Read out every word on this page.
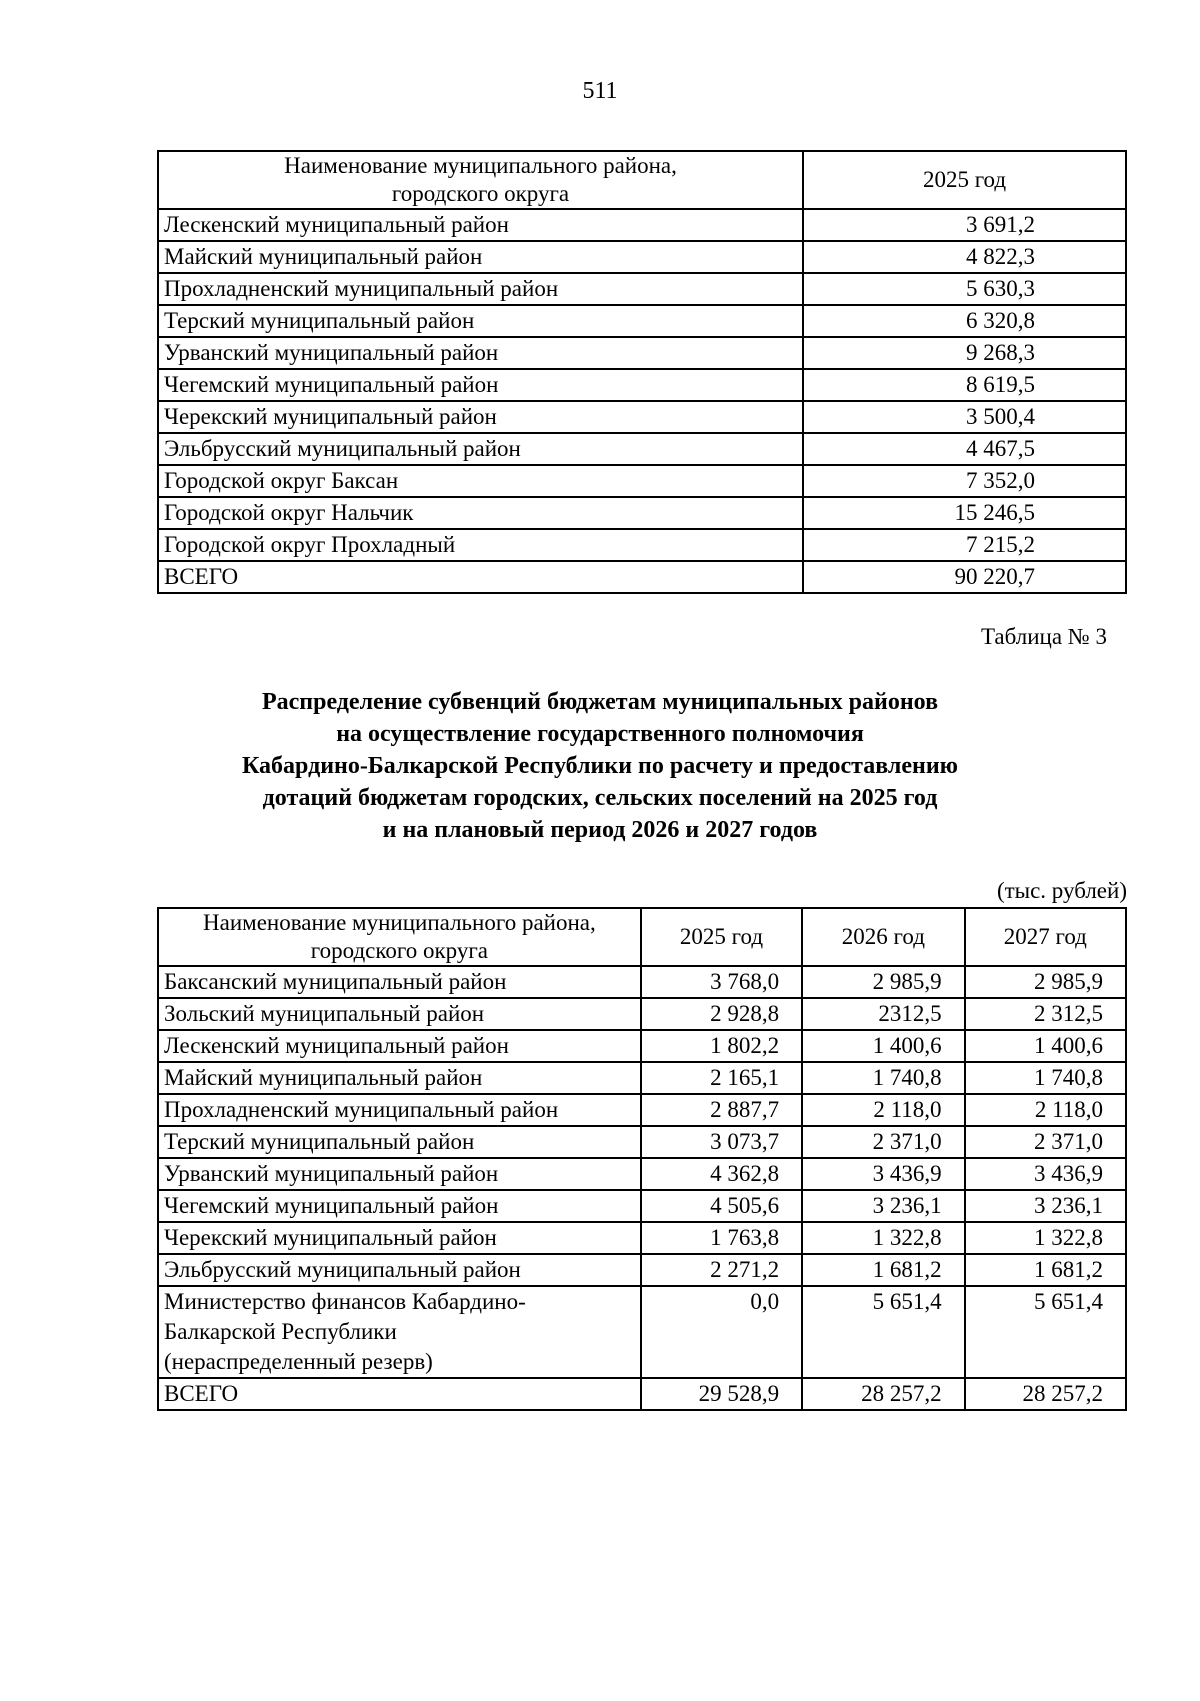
511
Наименование муниципального района,
городского округа	2025 год
Лескенский муниципальный район	3 691,2
Майский муниципальный район	4 822,3
Прохладненский муниципальный район	5 630,3
Терский муниципальный район	6 320,8
Урванский муниципальный район	9 268,3
Чегемский муниципальный район	8 619,5
Черекский муниципальный район	3 500,4
Эльбрусский муниципальный район	4 467,5
Городской округ Баксан	7 352,0
Городской округ Нальчик	15 246,5
Городской округ Прохладный	7 215,2
ВСЕГО	90 220,7
Таблица № 3
Распределение субвенций бюджетам муниципальных районов
на осуществление государственного полномочия
Кабардино-Балкарской Республики по расчету и предоставлению
дотаций бюджетам городских, сельских поселений на 2025 год
и на плановый период 2026 и 2027 годов
(тыс. рублей)
Наименование муниципального района,
городского округа	2025 год	2026 год	2027 год
Баксанский муниципальный район	3 768,0	2 985,9	2 985,9
Зольский муниципальный район	2 928,8	2312,5	2 312,5
Лескенский муниципальный район	1 802,2	1 400,6	1 400,6
Майский муниципальный район	2 165,1	1 740,8	1 740,8
Прохладненский муниципальный район	2 887,7	2 118,0	2 118,0
Терский муниципальный район	3 073,7	2 371,0	2 371,0
Урванский муниципальный район	4 362,8	3 436,9	3 436,9
Чегемский муниципальный район	4 505,6	3 236,1	3 236,1
Черекский муниципальный район	1 763,8	1 322,8	1 322,8
Эльбрусский муниципальный район	2 271,2	1 681,2	1 681,2
Министерство финансов Кабардино-
Балкарской Республики
(нераспределенный резерв)	0,0	5 651,4	5 651,4
ВСЕГО	29 528,9	28 257,2	28 257,2
